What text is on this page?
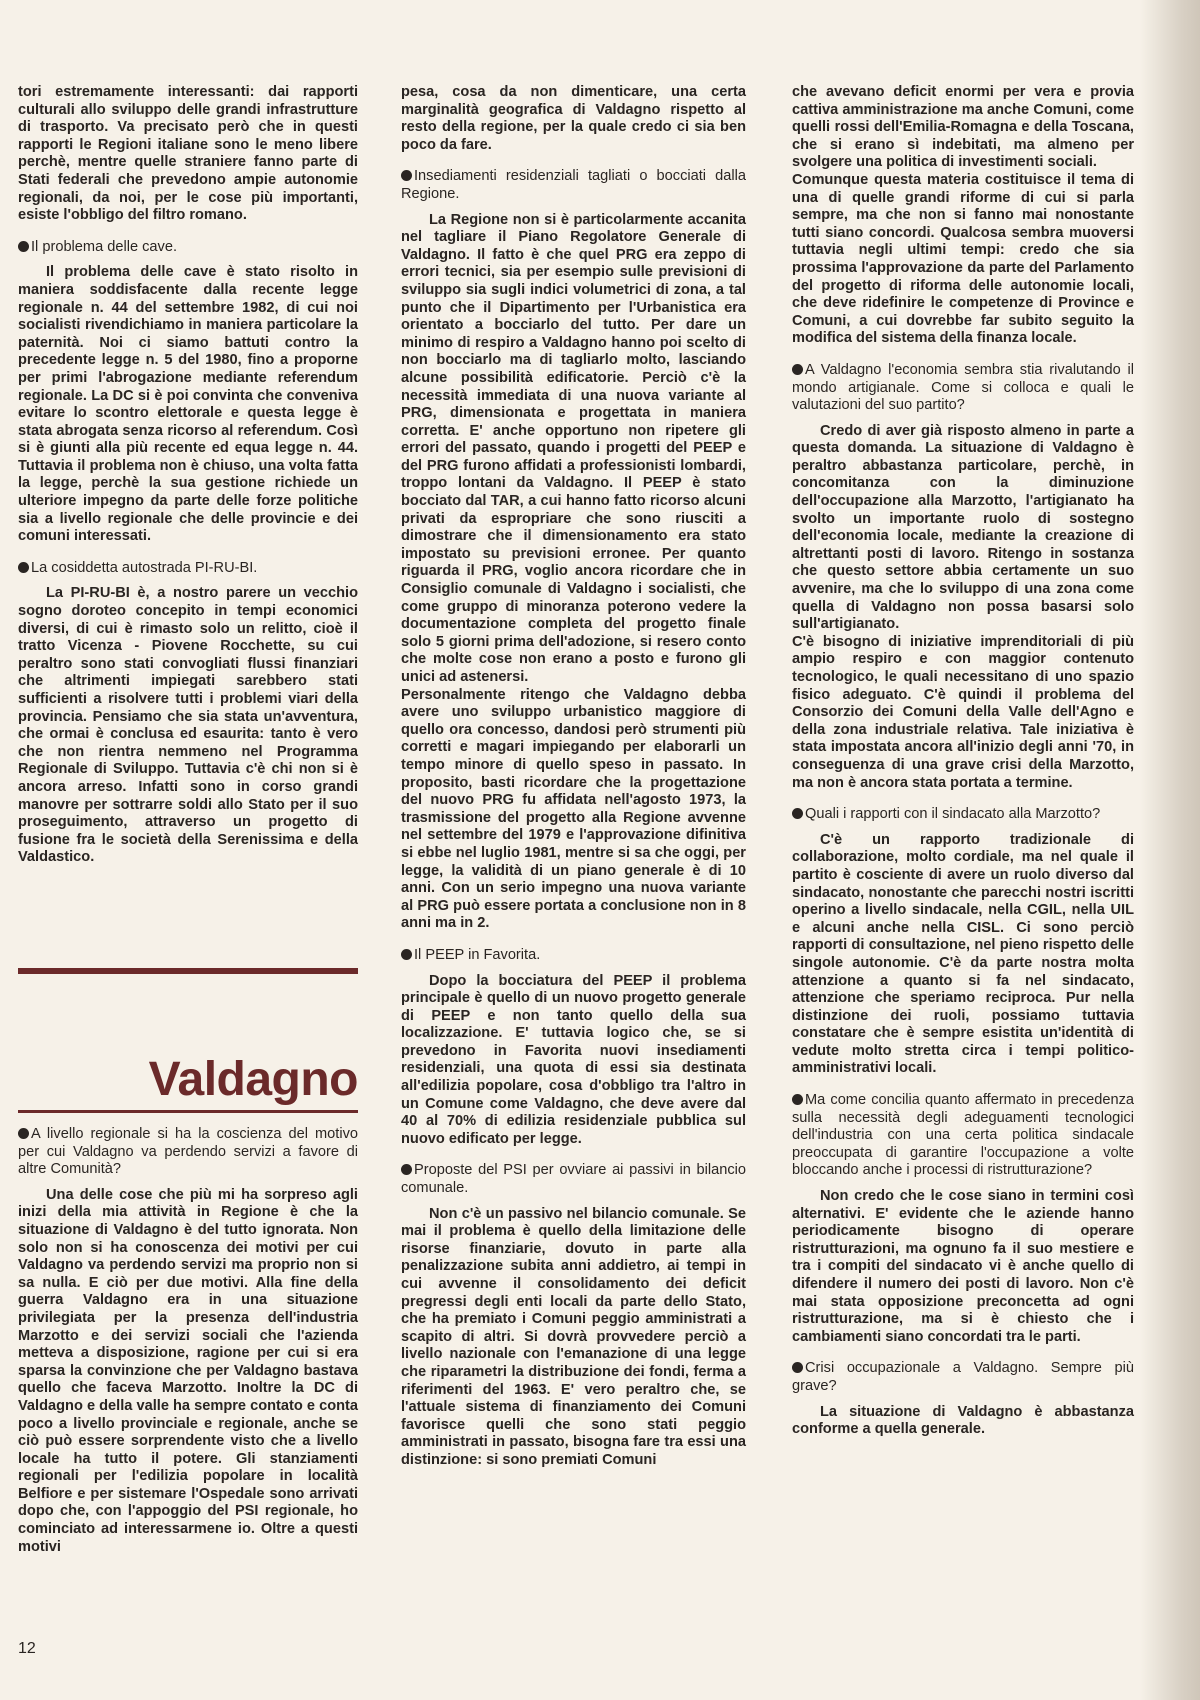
tori estremamente interessanti: dai rapporti culturali allo sviluppo delle grandi infrastrutture di trasporto. Va precisato però che in questi rapporti le Regioni italiane sono le meno libere perchè, mentre quelle straniere fanno parte di Stati federali che prevedono ampie autonomie regionali, da noi, per le cose più importanti, esiste l'obbligo del filtro romano.

Il problema delle cave.

Il problema delle cave è stato risolto in maniera soddisfacente dalla recente legge regionale n. 44 del settembre 1982, di cui noi socialisti rivendichiamo in maniera particolare la paternità. Noi ci siamo battuti contro la precedente legge n. 5 del 1980, fino a proporne per primi l'abrogazione mediante referendum regionale. La DC si è poi convinta che conveniva evitare lo scontro elettorale e questa legge è stata abrogata senza ricorso al referendum. Così si è giunti alla più recente ed equa legge n. 44. Tuttavia il problema non è chiuso, una volta fatta la legge, perchè la sua gestione richiede un ulteriore impegno da parte delle forze politiche sia a livello regionale che delle provincie e dei comuni interessati.

La cosiddetta autostrada PI-RU-BI.

La PI-RU-BI è, a nostro parere un vecchio sogno doroteo concepito in tempi economici diversi, di cui è rimasto solo un relitto, cioè il tratto Vicenza - Piovene Rocchette, su cui peraltro sono stati convogliati flussi finanziari che altrimenti impiegati sarebbero stati sufficienti a risolvere tutti i problemi viari della provincia. Pensiamo che sia stata un'avventura, che ormai è conclusa ed esaurita: tanto è vero che non rientra nemmeno nel Programma Regionale di Sviluppo. Tuttavia c'è chi non si è ancora arreso. Infatti sono in corso grandi manovre per sottrarre soldi allo Stato per il suo proseguimento, attraverso un progetto di fusione fra le società della Serenissima e della Valdastico.

Valdagno

A livello regionale si ha la coscienza del motivo per cui Valdagno va perdendo servizi a favore di altre Comunità?

Una delle cose che più mi ha sorpreso agli inizi della mia attività in Regione è che la situazione di Valdagno è del tutto ignorata. Non solo non si ha conoscenza dei motivi per cui Valdagno va perdendo servizi ma proprio non si sa nulla. E ciò per due motivi. Alla fine della guerra Valdagno era in una situazione privilegiata per la presenza dell'industria Marzotto e dei servizi sociali che l'azienda metteva a disposizione, ragione per cui si era sparsa la convinzione che per Valdagno bastava quello che faceva Marzotto. Inoltre la DC di Valdagno e della valle ha sempre contato e conta poco a livello provinciale e regionale, anche se ciò può essere sorprendente visto che a livello locale ha tutto il potere. Gli stanziamenti regionali per l'edilizia popolare in località Belfiore e per sistemare l'Ospedale sono arrivati dopo che, con l'appoggio del PSI regionale, ho cominciato ad interessarmene io. Oltre a questi motivi

pesa, cosa da non dimenticare, una certa marginalità geografica di Valdagno rispetto al resto della regione, per la quale credo ci sia ben poco da fare.

Insediamenti residenziali tagliati o bocciati dalla Regione.

La Regione non si è particolarmente accanita nel tagliare il Piano Regolatore Generale di Valdagno. Il fatto è che quel PRG era zeppo di errori tecnici, sia per esempio sulle previsioni di sviluppo sia sugli indici volumetrici di zona, a tal punto che il Dipartimento per l'Urbanistica era orientato a bocciarlo del tutto. Per dare un minimo di respiro a Valdagno hanno poi scelto di non bocciarlo ma di tagliarlo molto, lasciando alcune possibilità edificatorie. Perciò c'è la necessità immediata di una nuova variante al PRG, dimensionata e progettata in maniera corretta. E' anche opportuno non ripetere gli errori del passato, quando i progetti del PEEP e del PRG furono affidati a professionisti lombardi, troppo lontani da Valdagno. Il PEEP è stato bocciato dal TAR, a cui hanno fatto ricorso alcuni privati da espropriare che sono riusciti a dimostrare che il dimensionamento era stato impostato su previsioni erronee. Per quanto riguarda il PRG, voglio ancora ricordare che in Consiglio comunale di Valdagno i socialisti, che come gruppo di minoranza poterono vedere la documentazione completa del progetto finale solo 5 giorni prima dell'adozione, si resero conto che molte cose non erano a posto e furono gli unici ad astenersi.

Personalmente ritengo che Valdagno debba avere uno sviluppo urbanistico maggiore di quello ora concesso, dandosi però strumenti più corretti e magari impiegando per elaborarli un tempo minore di quello speso in passato. In proposito, basti ricordare che la progettazione del nuovo PRG fu affidata nell'agosto 1973, la trasmissione del progetto alla Regione avvenne nel settembre del 1979 e l'approvazione difinitiva si ebbe nel luglio 1981, mentre si sa che oggi, per legge, la validità di un piano generale è di 10 anni. Con un serio impegno una nuova variante al PRG può essere portata a conclusione non in 8 anni ma in 2.

Il PEEP in Favorita.

Dopo la bocciatura del PEEP il problema principale è quello di un nuovo progetto generale di PEEP e non tanto quello della sua localizzazione. E' tuttavia logico che, se si prevedono in Favorita nuovi insediamenti residenziali, una quota di essi sia destinata all'edilizia popolare, cosa d'obbligo tra l'altro in un Comune come Valdagno, che deve avere dal 40 al 70% di edilizia residenziale pubblica sul nuovo edificato per legge.

Proposte del PSI per ovviare ai passivi in bilancio comunale.

Non c'è un passivo nel bilancio comunale. Se mai il problema è quello della limitazione delle risorse finanziarie, dovuto in parte alla penalizzazione subita anni addietro, ai tempi in cui avvenne il consolidamento dei deficit pregressi degli enti locali da parte dello Stato, che ha premiato i Comuni peggio amministrati a scapito di altri. Si dovrà provvedere perciò a livello nazionale con l'emanazione di una legge che riparametri la distribuzione dei fondi, ferma a riferimenti del 1963. E' vero peraltro che, se l'attuale sistema di finanziamento dei Comuni favorisce quelli che sono stati peggio amministrati in passato, bisogna fare tra essi una distinzione: si sono premiati Comuni

che avevano deficit enormi per vera e provia cattiva amministrazione ma anche Comuni, come quelli rossi dell'Emilia-Romagna e della Toscana, che si erano sì indebitati, ma almeno per svolgere una politica di investimenti sociali.

Comunque questa materia costituisce il tema di una di quelle grandi riforme di cui si parla sempre, ma che non si fanno mai nonostante tutti siano concordi. Qualcosa sembra muoversi tuttavia negli ultimi tempi: credo che sia prossima l'approvazione da parte del Parlamento del progetto di riforma delle autonomie locali, che deve ridefinire le competenze di Province e Comuni, a cui dovrebbe far subito seguito la modifica del sistema della finanza locale.

A Valdagno l'economia sembra stia rivalutando il mondo artigianale. Come si colloca e quali le valutazioni del suo partito?

Credo di aver già risposto almeno in parte a questa domanda. La situazione di Valdagno è peraltro abbastanza particolare, perchè, in concomitanza con la diminuzione dell'occupazione alla Marzotto, l'artigianato ha svolto un importante ruolo di sostegno dell'economia locale, mediante la creazione di altrettanti posti di lavoro. Ritengo in sostanza che questo settore abbia certamente un suo avvenire, ma che lo sviluppo di una zona come quella di Valdagno non possa basarsi solo sull'artigianato.

C'è bisogno di iniziative imprenditoriali di più ampio respiro e con maggior contenuto tecnologico, le quali necessitano di uno spazio fisico adeguato. C'è quindi il problema del Consorzio dei Comuni della Valle dell'Agno e della zona industriale relativa. Tale iniziativa è stata impostata ancora all'inizio degli anni '70, in conseguenza di una grave crisi della Marzotto, ma non è ancora stata portata a termine.

Quali i rapporti con il sindacato alla Marzotto?

C'è un rapporto tradizionale di collaborazione, molto cordiale, ma nel quale il partito è cosciente di avere un ruolo diverso dal sindacato, nonostante che parecchi nostri iscritti operino a livello sindacale, nella CGIL, nella UIL e alcuni anche nella CISL. Ci sono perciò rapporti di consultazione, nel pieno rispetto delle singole autonomie. C'è da parte nostra molta attenzione a quanto si fa nel sindacato, attenzione che speriamo reciproca. Pur nella distinzione dei ruoli, possiamo tuttavia constatare che è sempre esistita un'identità di vedute molto stretta circa i tempi politico-amministrativi locali.

Ma come concilia quanto affermato in precedenza sulla necessità degli adeguamenti tecnologici dell'industria con una certa politica sindacale preoccupata di garantire l'occupazione a volte bloccando anche i processi di ristrutturazione?

Non credo che le cose siano in termini così alternativi. E' evidente che le aziende hanno periodicamente bisogno di operare ristrutturazioni, ma ognuno fa il suo mestiere e tra i compiti del sindacato vi è anche quello di difendere il numero dei posti di lavoro. Non c'è mai stata opposizione preconcetta ad ogni ristrutturazione, ma si è chiesto che i cambiamenti siano concordati tra le parti.

Crisi occupazionale a Valdagno. Sempre più grave?

La situazione di Valdagno è abbastanza conforme a quella generale.

12
